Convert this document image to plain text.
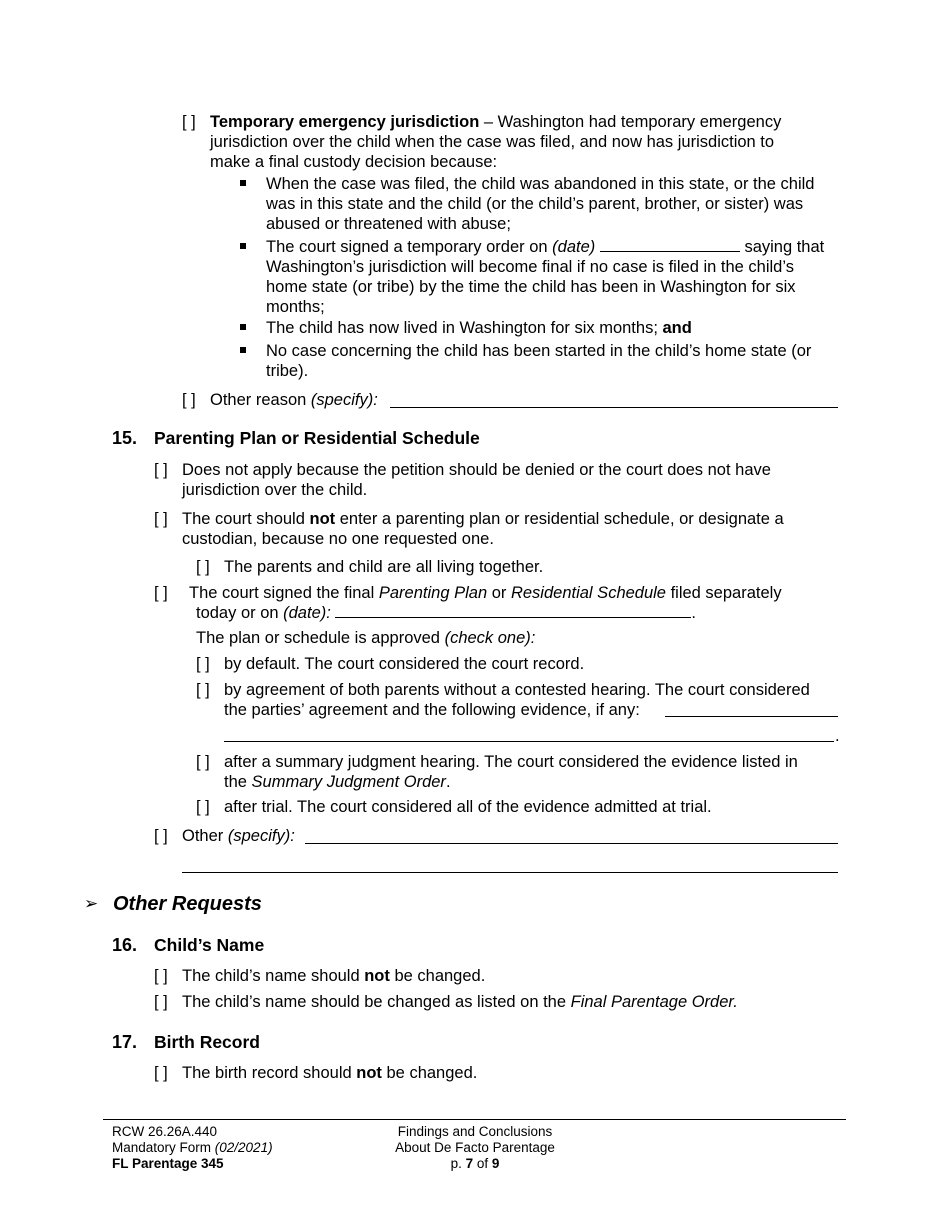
[ ] Temporary emergency jurisdiction – Washington had temporary emergency
jurisdiction over the child when the case was filed, and now has jurisdiction to
make a final custody decision because:
When the case was filed, the child was abandoned in this state, or the child
was in this state and the child (or the child’s parent, brother, or sister) was
abused or threatened with abuse;
The court signed a temporary order on (date)	saying that
Washington’s jurisdiction will become final if no case is filed in the child’s
home state (or tribe) by the time the child has been in Washington for six
months;
The child has now lived in Washington for six months; and
No case concerning the child has been started in the child’s home state (or
tribe).
[ ] Other reason (specify):
15. Parenting Plan or Residential Schedule
[ ] Does not apply because the petition should be denied or the court does not have
jurisdiction over the child.
[ ] The court should not enter a parenting plan or residential schedule, or designate a
custodian, because no one requested one.
[ ] The parents and child are all living together.
[ ] The court signed the final Parenting Plan or Residential Schedule filed separately
today or on (date):	.
The plan or schedule is approved (check one):
[ ] by default. The court considered the court record.
[ ] by agreement of both parents without a contested hearing. The court considered
the parties’ agreement and the following evidence, if any:
.
[ ] after a summary judgment hearing. The court considered the evidence listed in
the Summary Judgment Order.
[ ] after trial. The court considered all of the evidence admitted at trial.
[ ] Other (specify):
➢ Other Requests
16. Child’s Name
[ ] The child’s name should not be changed.
[ ] The child’s name should be changed as listed on the Final Parentage Order.
17. Birth Record
[ ] The birth record should not be changed.
RCW 26.26A.440
Mandatory Form (02/2021)
FL Parentage 345
Findings and Conclusions
About De Facto Parentage
p. 7 of 9
